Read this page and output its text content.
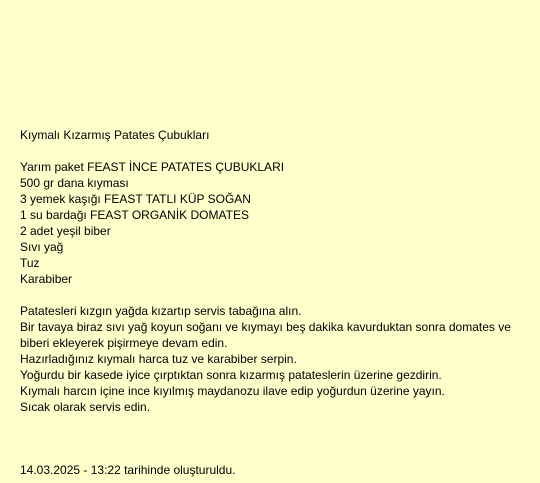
Kıymalı Kızarmış Patates Çubukları
Yarım paket FEAST İNCE PATATES ÇUBUKLARI
500 gr dana kıyması
3 yemek kaşığı FEAST TATLI KÜP SOĞAN
1 su bardağı FEAST ORGANİK DOMATES
2 adet yeşil biber
Sıvı yağ
Tuz
Karabiber
Patatesleri kızgın yağda kızartıp servis tabağına alın.
Bir tavaya biraz sıvı yağ koyun soğanı ve kıymayı beş dakika kavurduktan sonra domates ve biberi ekleyerek pişirmeye devam edin.
Hazırladığınız kıymalı harca tuz ve karabiber serpin.
Yoğurdu bir kasede iyice çırptıktan sonra kızarmış patateslerin üzerine gezdirin.
Kıymalı harcın içine ince kıyılmış maydanozu ilave edip yoğurdun üzerine yayın.
Sıcak olarak servis edin.
14.03.2025 - 13:22 tarihinde oluşturuldu.
